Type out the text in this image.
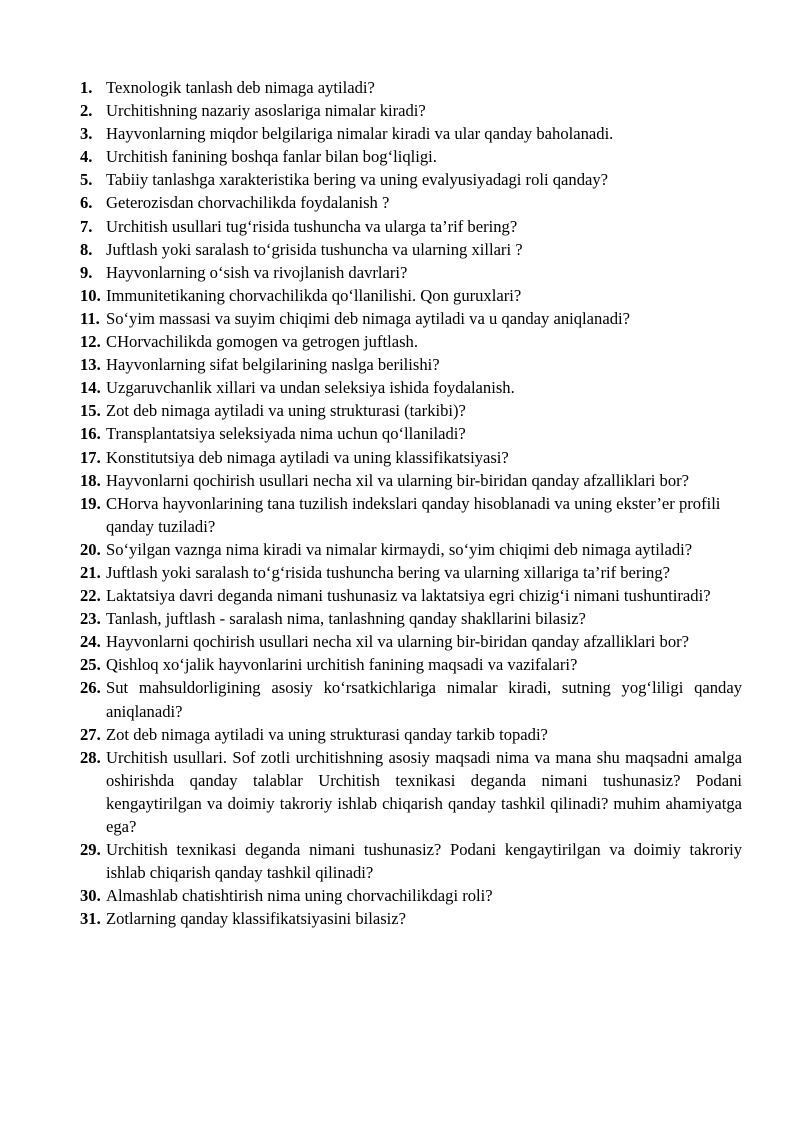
1. Texnologik tanlash deb nimaga aytiladi?
2. Urchitishning nazariy asoslariga nimalar kiradi?
3. Hayvonlarning miqdor belgilariga nimalar kiradi va ular qanday baholanadi.
4. Urchitish fanining boshqa fanlar bilan bog‘liqligi.
5. Tabiiy tanlashga xarakteristika bering va uning evalyusiyadagi roli qanday?
6. Geterozisdan chorvachilikda foydalanish ?
7. Urchitish usullari tug‘risida tushuncha va ularga ta’rif bering?
8. Juftlash yoki saralash to‘grisida tushuncha va ularning xillari ?
9. Hayvonlarning o‘sish va rivojlanish davrlari?
10. Immunitetikaning chorvachilikda qo‘llanilishi. Qon guruxlari?
11. So‘yim massasi va suyim chiqimi deb nimaga aytiladi va u qanday aniqlanadi?
12. CHorvachilikda gomogen va getrogen juftlash.
13. Hayvonlarning sifat belgilarining naslga berilishi?
14. Uzgaruvchanlik xillari va undan seleksiya ishida foydalanish.
15. Zot deb nimaga aytiladi va uning strukturasi (tarkibi)?
16. Transplantatsiya seleksiyada nima uchun qo‘llaniladi?
17. Konstitutsiya deb nimaga aytiladi va uning klassifikatsiyasi?
18. Hayvonlarni qochirish usullari necha xil va ularning bir-biridan qanday afzalliklari bor?
19. CHorva hayvonlarining tana tuzilish indekslari qanday hisoblanadi va uning ekster’er profili qanday tuziladi?
20. So‘yilgan vaznga nima kiradi va nimalar kirmaydi, so‘yim chiqimi deb nimaga aytiladi?
21. Juftlash yoki saralash to‘g‘risida tushuncha bering va ularning xillariga ta’rif bering?
22. Laktatsiya davri deganda nimani tushunasiz va laktatsiya egri chizig‘i nimani tushuntiradi?
23. Tanlash, juftlash - saralash nima, tanlashning qanday shakllarini bilasiz?
24. Hayvonlarni qochirish usullari necha xil va ularning bir-biridan qanday afzalliklari bor?
25. Qishloq xo‘jalik hayvonlarini urchitish fanining maqsadi va vazifalari?
26. Sut mahsuldorligining asosiy ko‘rsatkichlariga nimalar kiradi, sutning yog‘liligi qanday aniqlanadi?
27. Zot deb nimaga aytiladi va uning strukturasi qanday tarkib topadi?
28. Urchitish usullari. Sof zotli urchitishning asosiy maqsadi nima va mana shu maqsadni amalga oshirishda qanday talablar Urchitish texnikasi deganda nimani tushunasiz? Podani kengaytirilgan va doimiy takroriy ishlab chiqarish qanday tashkil qilinadi? muhim ahamiyatga ega?
29. Urchitish texnikasi deganda nimani tushunasiz? Podani kengaytirilgan va doimiy takroriy ishlab chiqarish qanday tashkil qilinadi?
30. Almashlab chatishtirish nima uning chorvachilikdagi roli?
31. Zotlarning qanday klassifikatsiyasini bilasiz?
